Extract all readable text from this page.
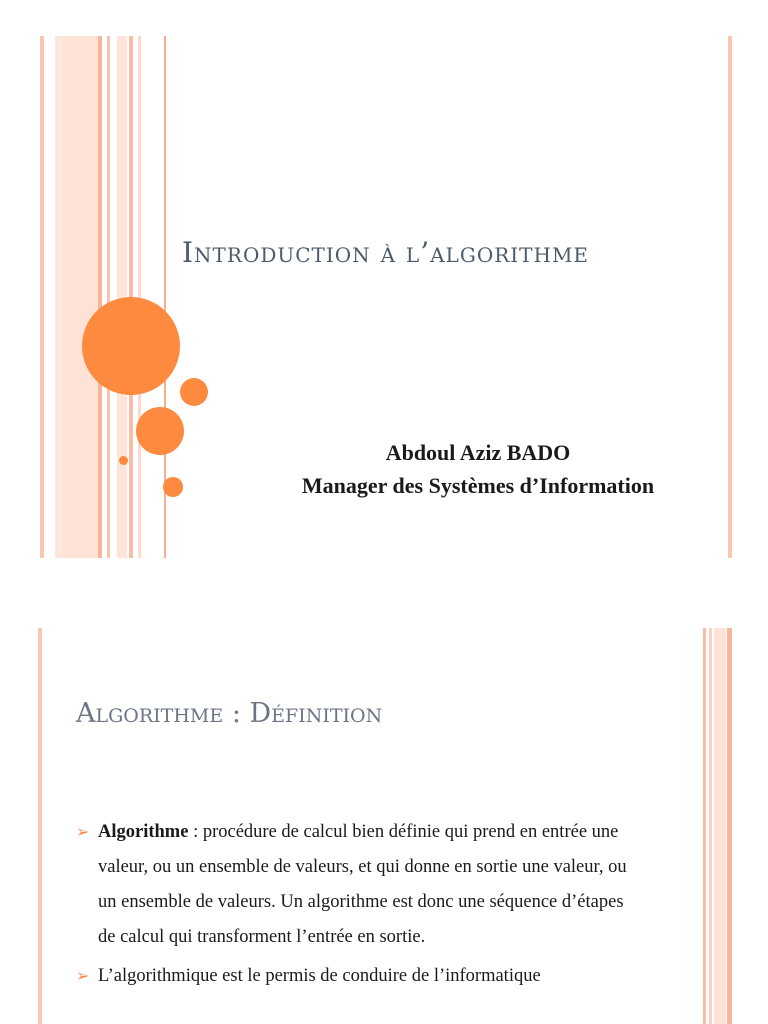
Introduction à l’algorithme
Abdoul Aziz BADO
Manager des Systèmes d’Information
Algorithme : Définition
➢ Algorithme : procédure de calcul bien définie qui prend en entrée une valeur, ou un ensemble de valeurs, et qui donne en sortie une valeur, ou un ensemble de valeurs. Un algorithme est donc une séquence d’étapes de calcul qui transforment l’entrée en sortie.
➢ L’algorithmique est le permis de conduire de l’informatique
